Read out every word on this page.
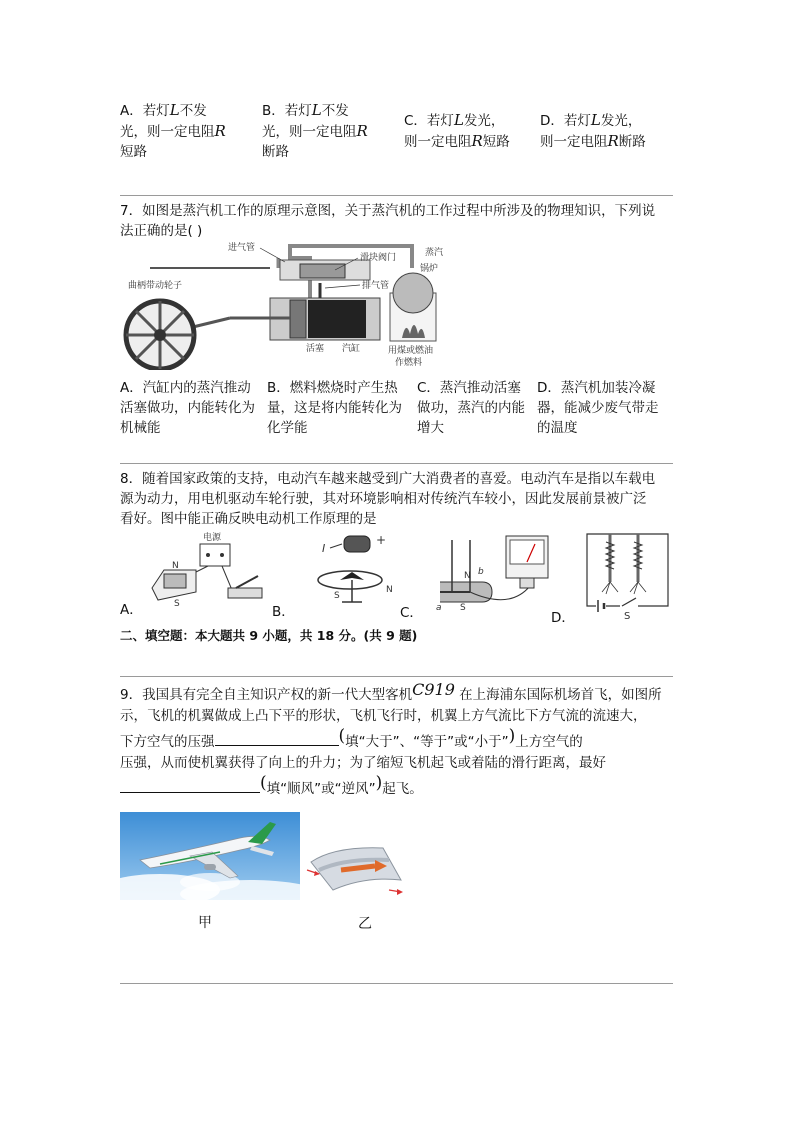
A．若灯L不发
光，则一定电阻R
短路
B．若灯L不发
光，则一定电阻R
断路
C．若灯L发光，
则一定电阻R短路
D．若灯L发光，
则一定电阻R断路
7．如图是蒸汽机工作的原理示意图，关于蒸汽机的工作过程中所涉及的物理知识，下列说
法正确的是( )
进气管
滑块阀门	蒸汽
锅炉
曲柄带动轮子	排气管
活塞 汽缸	用煤或燃油
作燃料
A．汽缸内的蒸汽推动
活塞做功，内能转化为
机械能
B．燃料燃烧时产生热
量，这是将内能转化为
化学能
C．蒸汽推动活塞
做功，蒸汽的内能
增大
D．蒸汽机加装冷凝
器，能减少废气带走
的温度
8．随着国家政策的支持，电动汽车越来越受到广大消费者的喜爱。电动汽车是指以车载电
源为动力，用电机驱动车轮行驶，其对环境影响相对传统汽车较小，因此发展前景被广泛
看好。图中能正确反映电动机工作原理的是
A．
电源
N
S	B．
+
I
S
N
C．
N
S
b
a
D．	S
二、填空题：本大题共 9 小题，共 18 分。(共 9 题)
9．我国具有完全自主知识产权的新一代大型客机C919 在上海浦东国际机场首飞，如图所
示，飞机的机翼做成上凸下平的形状，飞机飞行时，机翼上方气流比下方气流的流速大，
下方空气的压强	(填“大于”、“等于”或“小于”)上方空气的
压强，从而使机翼获得了向上的升力；为了缩短飞机起飞或着陆的滑行距离，最好
(填“顺风”或“逆风”)起飞。
甲	乙
